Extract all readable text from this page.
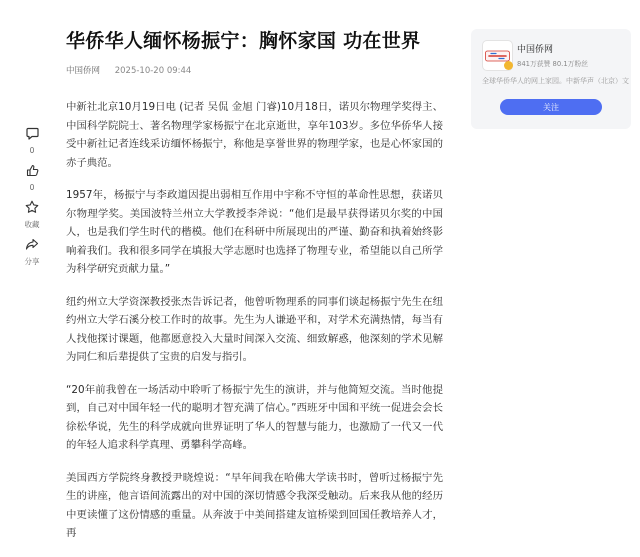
0
0
收藏
分享
华侨华人缅怀杨振宁：胸怀家国 功在世界
中国侨网 2025-10-20 09:44

中新社北京10月19日电 (记者 吴侃 金旭 门睿)10月18日，诺贝尔物理学奖得主、中国科学院院士、著名物理学家杨振宁在北京逝世，享年103岁。多位华侨华人接受中新社记者连线采访缅怀杨振宁，称他是享誉世界的物理学家，也是心怀家国的赤子典范。

1957年，杨振宁与李政道因提出弱相互作用中宇称不守恒的革命性思想，获诺贝尔物理学奖。美国波特兰州立大学教授李斧说：“他们是最早获得诺贝尔奖的中国人，也是我们学生时代的楷模。他们在科研中所展现出的严谨、勤奋和执着始终影响着我们。我和很多同学在填报大学志愿时也选择了物理专业，希望能以自己所学为科学研究贡献力量。”

纽约州立大学资深教授张杰告诉记者，他曾听物理系的同事们谈起杨振宁先生在纽约州立大学石溪分校工作时的故事。先生为人谦逊平和，对学术充满热情，每当有人找他探讨课题，他都愿意投入大量时间深入交流、细致解惑，他深刻的学术见解为同仁和后辈提供了宝贵的启发与指引。

“20年前我曾在一场活动中聆听了杨振宁先生的演讲，并与他简短交流。当时他提到，自己对中国年轻一代的聪明才智充满了信心。”西班牙中国和平统一促进会会长徐松华说，先生的科学成就向世界证明了华人的智慧与能力，也激励了一代又一代的年轻人追求科学真理、勇攀科学高峰。

美国西方学院终身教授尹晓煌说：“早年间我在哈佛大学读书时，曾听过杨振宁先生的讲座，他言语间流露出的对中国的深切情感令我深受触动。后来我从他的经历中更读懂了这份情感的重量。从奔波于中美间搭建友谊桥梁到回国任教培养人才，再

中国侨网
841万获赞 80.1万粉丝
全球华侨华人的网上家园。中新华声（北京）文
关注
